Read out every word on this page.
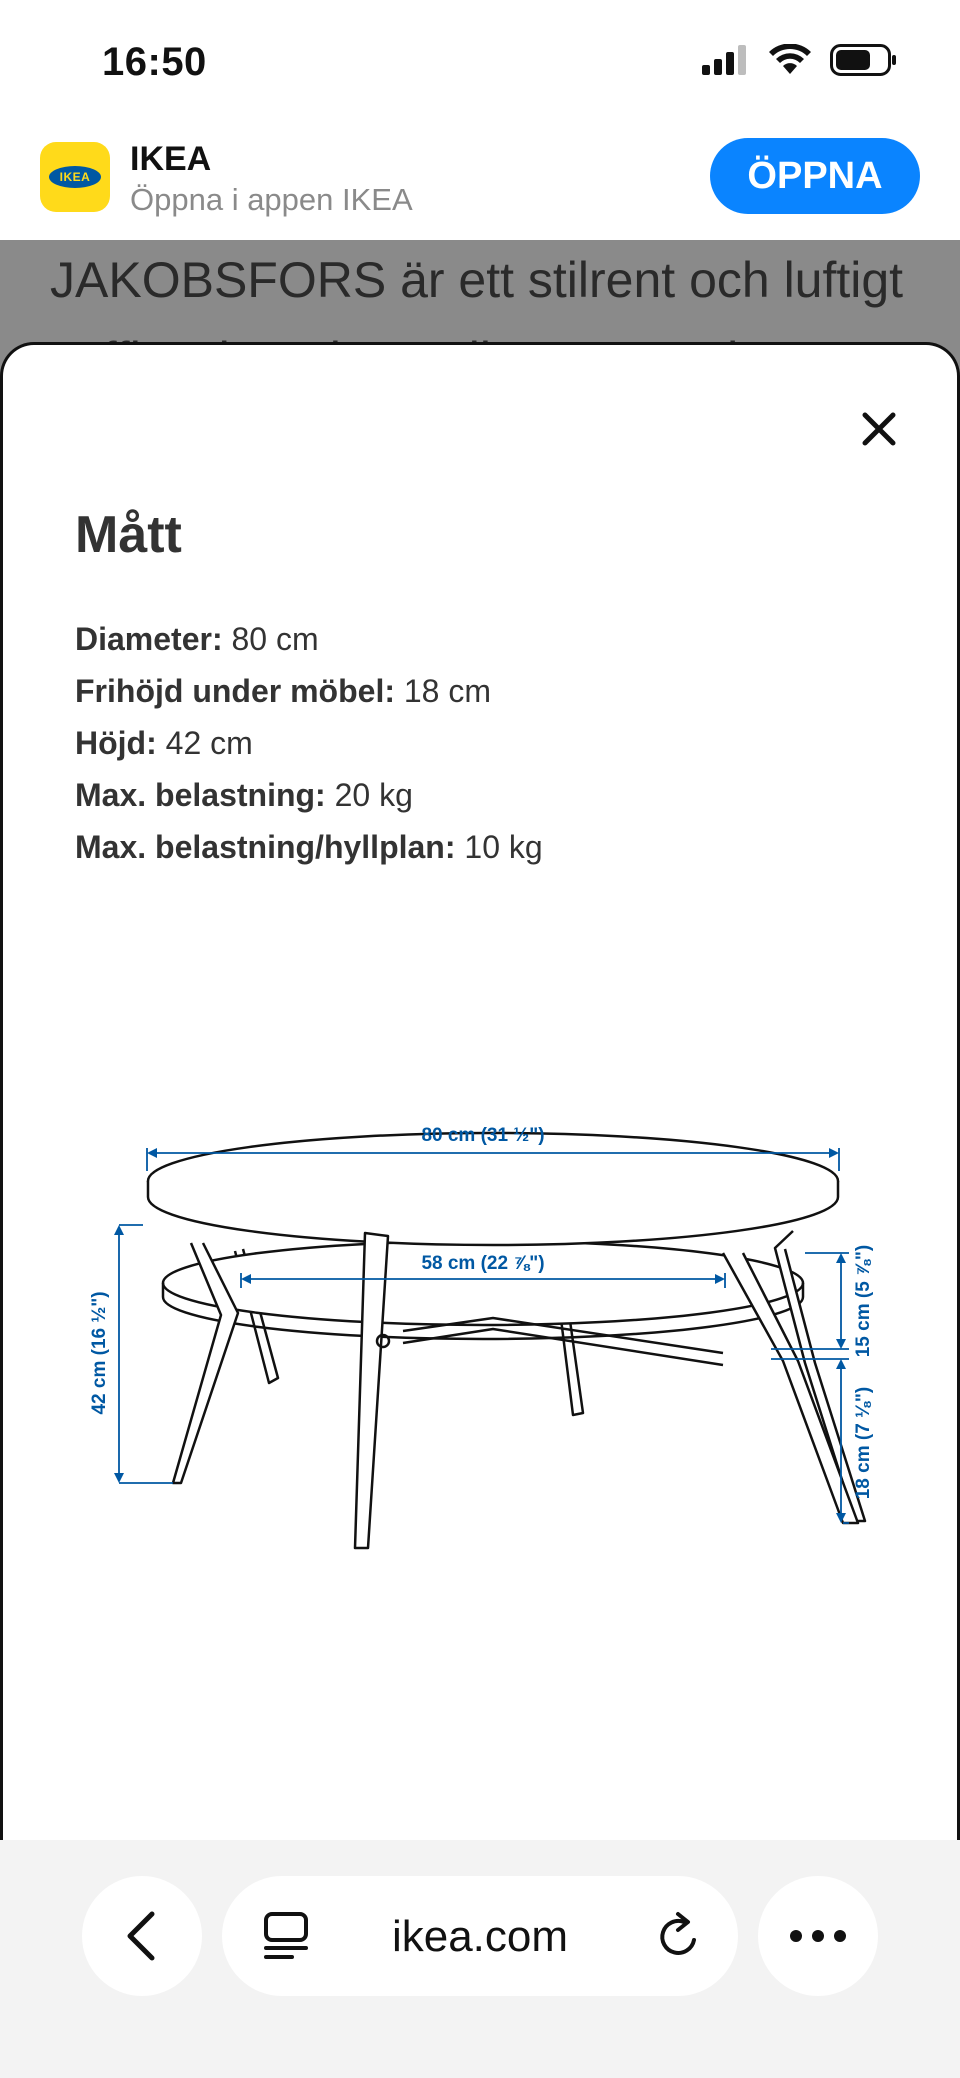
16:50
IKEA	IKEA
Öppna i appen IKEA
ÖPPNA
JAKOBSFORS är ett stilrent och luftigt
Mått
Diameter: 80 cm
Frihöjd under möbel: 18 cm
Höjd: 42 cm
Max. belastning: 20 kg
Max. belastning/hyllplan: 10 kg
80 cm (31 ½")
58 cm (22 ⅞")
42 cm (16 ½")	15 cm (5 ⅞")
18 cm (7 ⅛")
ikea.com
